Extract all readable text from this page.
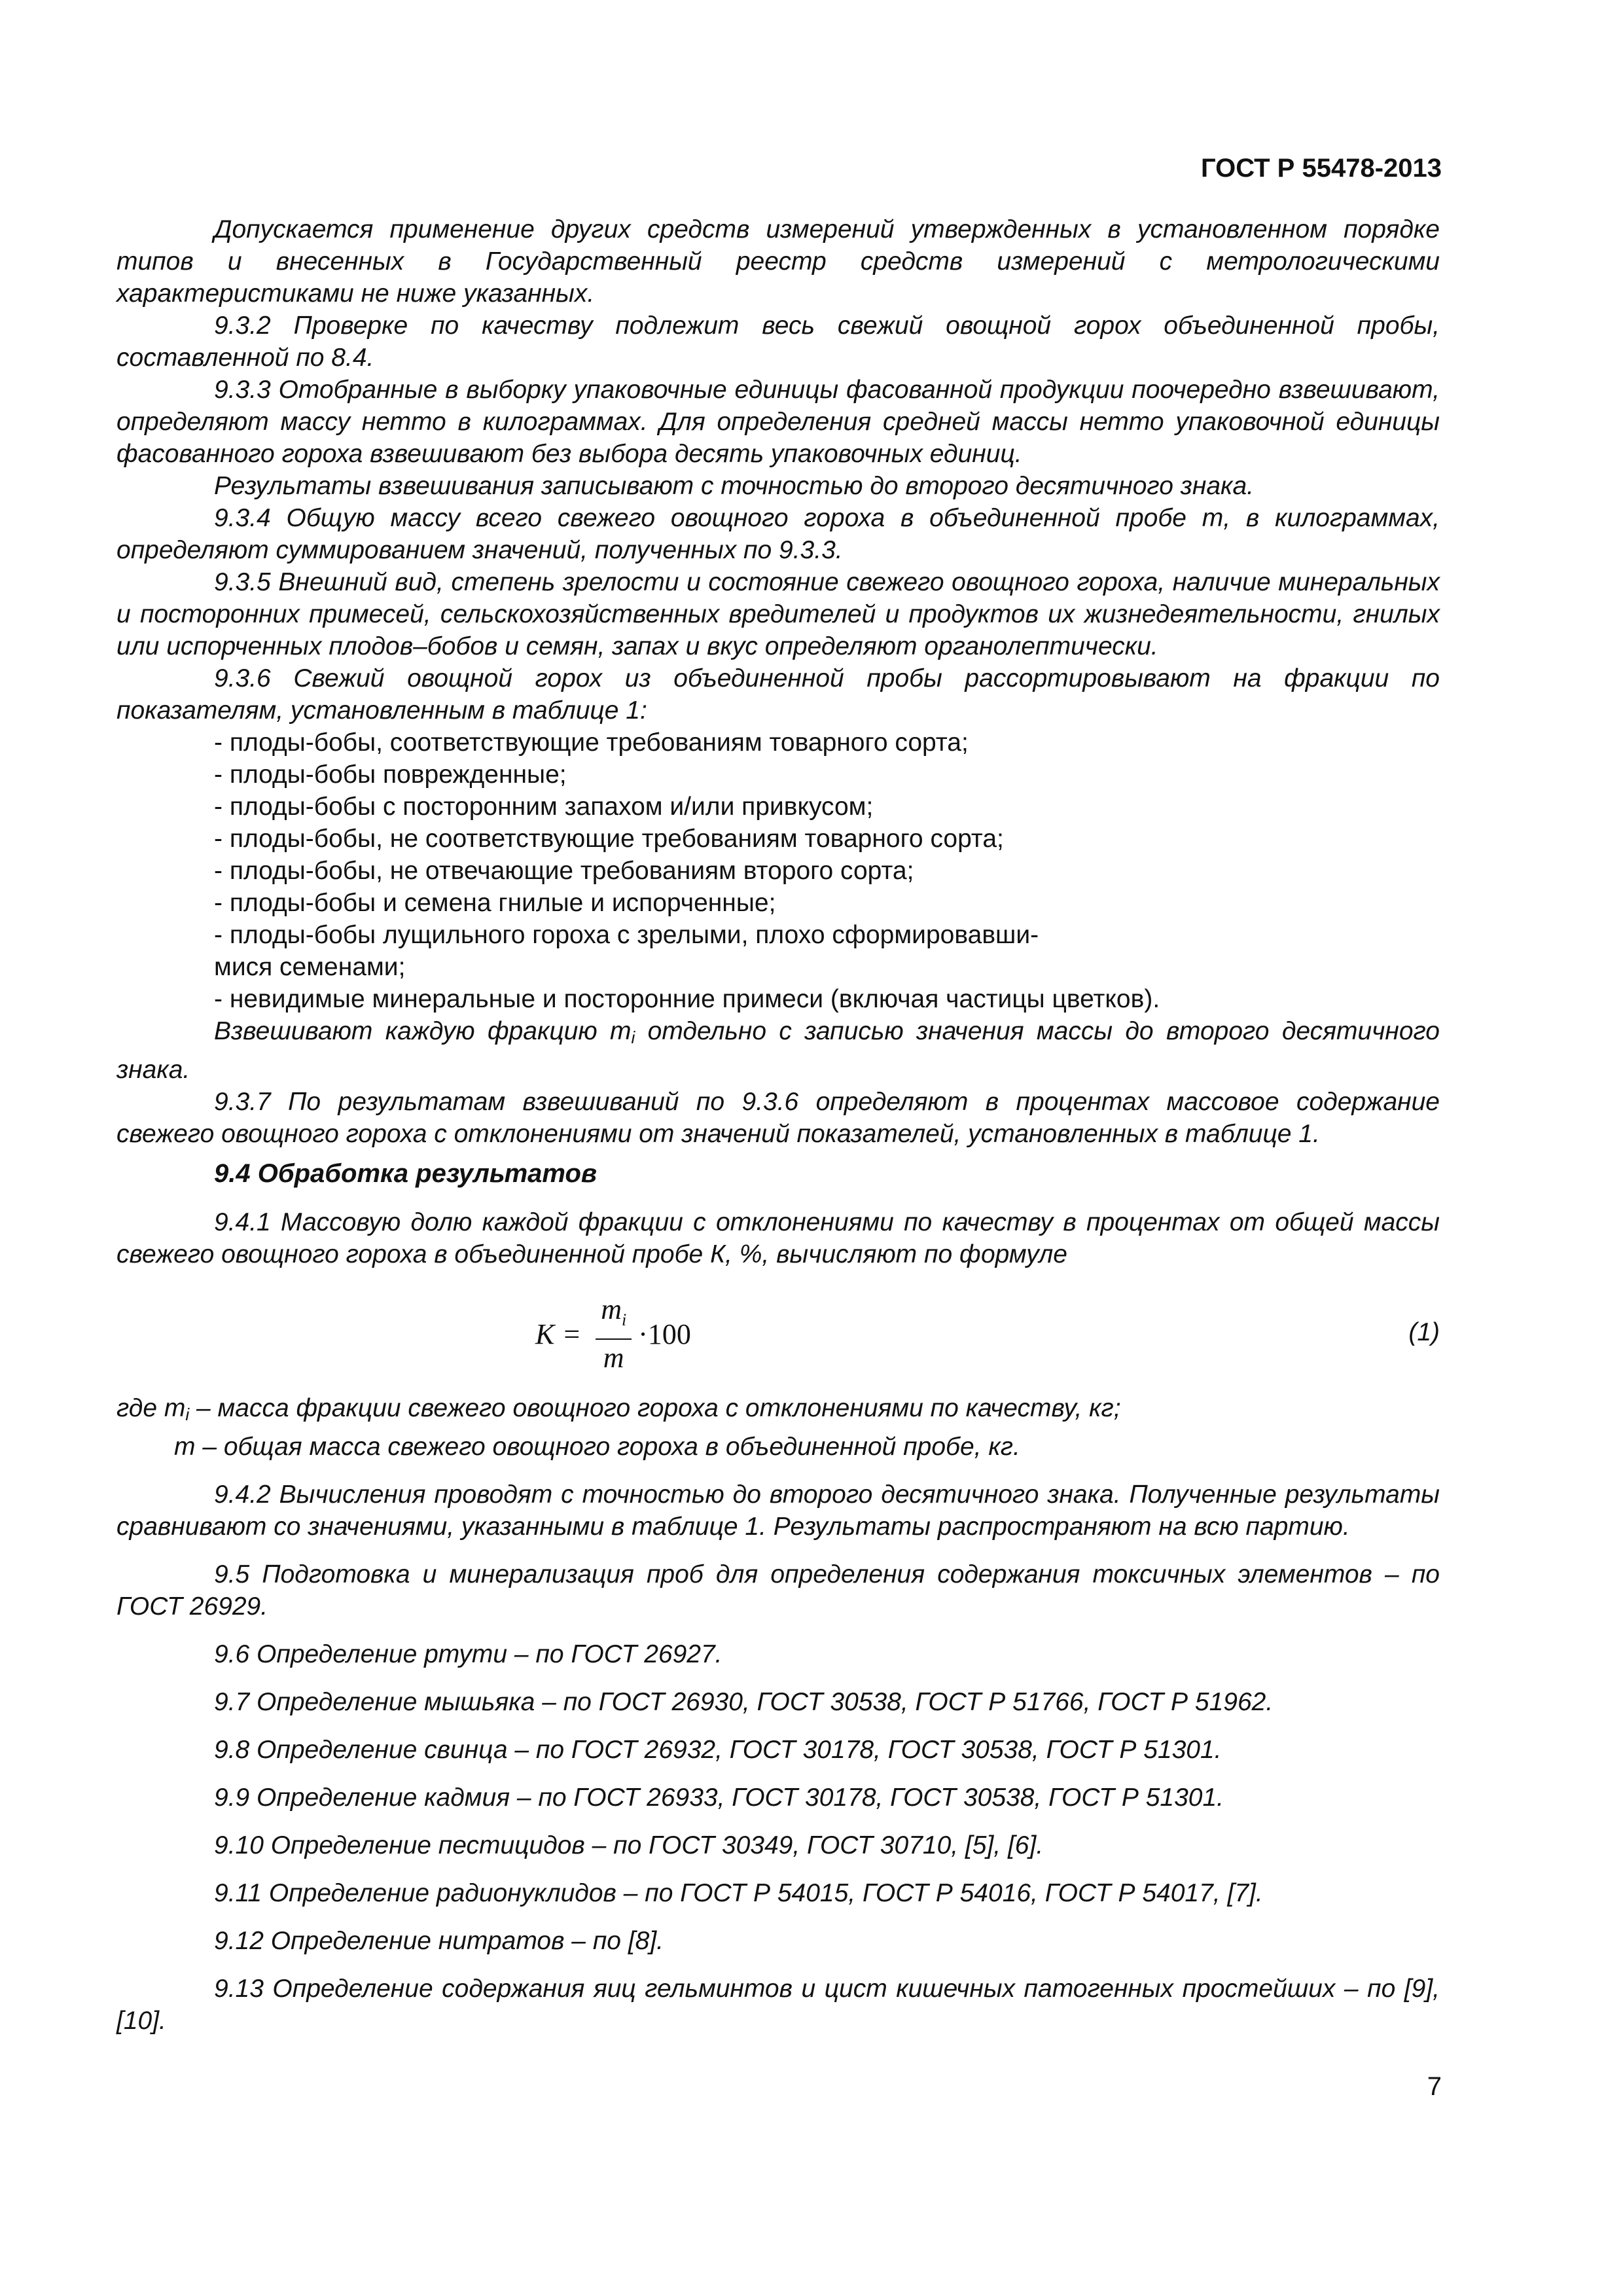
ГОСТ Р 55478-2013

Допускается применение других средств измерений утвержденных в установленном порядке типов и внесенных в Государственный реестр средств измерений с метрологическими характеристиками не ниже указанных.

9.3.2 Проверке по качеству подлежит весь свежий овощной горох объединенной пробы, составленной по 8.4.

9.3.3 Отобранные в выборку упаковочные единицы фасованной продукции поочередно взвешивают, определяют массу нетто в килограммах. Для определения средней массы нетто упаковочной единицы фасованного гороха взвешивают без выбора десять упаковочных единиц.

Результаты взвешивания записывают с точностью до второго десятичного знака.

9.3.4 Общую массу всего свежего овощного гороха в объединенной пробе m, в килограммах, определяют суммированием значений, полученных по 9.3.3.

9.3.5 Внешний вид, степень зрелости и состояние свежего овощного гороха, наличие минеральных и посторонних примесей, сельскохозяйственных вредителей и продуктов их жизнедеятельности, гнилых или испорченных плодов–бобов и семян, запах и вкус определяют органолептически.

9.3.6 Свежий овощной горох из объединенной пробы рассортировывают на фракции по показателям, установленным в таблице 1:

- плоды-бобы, соответствующие требованиям товарного сорта;

- плоды-бобы поврежденные;

- плоды-бобы с посторонним запахом и/или привкусом;

- плоды-бобы, не соответствующие требованиям товарного сорта;

- плоды-бобы, не отвечающие требованиям второго сорта;

- плоды-бобы и семена гнилые и испорченные;

- плоды-бобы лущильного гороха с зрелыми, плохо сформировавши-
мися семенами;

- невидимые минеральные и посторонние примеси (включая частицы цветков).

Взвешивают каждую фракцию mi отдельно с записью значения массы до второго десятичного знака.

9.3.7 По результатам взвешиваний по 9.3.6 определяют в процентах массовое содержание свежего овощного гороха с отклонениями от значений показателей, установленных в таблице 1.

9.4 Обработка результатов

9.4.1 Массовую долю каждой фракции с отклонениями по качеству в процентах от общей массы свежего овощного гороха в объединенной пробе К, %, вычисляют по формуле

$K = \frac{m_i}{m} \cdot 100$	(1)

где mi – масса фракции свежего овощного гороха с отклонениями по качеству, кг;
m – общая масса свежего овощного гороха в объединенной пробе, кг.

9.4.2 Вычисления проводят с точностью до второго десятичного знака. Полученные результаты сравнивают со значениями, указанными в таблице 1. Результаты распространяют на всю партию.

9.5 Подготовка и минерализация проб для определения содержания токсичных элементов – по ГОСТ 26929.

9.6 Определение ртути – по ГОСТ 26927.

9.7 Определение мышьяка – по ГОСТ 26930, ГОСТ 30538, ГОСТ Р 51766, ГОСТ Р 51962.

9.8 Определение свинца – по ГОСТ 26932, ГОСТ 30178, ГОСТ 30538, ГОСТ Р 51301.

9.9 Определение кадмия – по ГОСТ 26933, ГОСТ 30178, ГОСТ 30538, ГОСТ Р 51301.

9.10 Определение пестицидов – по ГОСТ 30349, ГОСТ 30710, [5], [6].

9.11 Определение радионуклидов – по ГОСТ Р 54015, ГОСТ Р 54016, ГОСТ Р 54017, [7].

9.12 Определение нитратов – по [8].

9.13 Определение содержания яиц гельминтов и цист кишечных патогенных простейших – по [9], [10].

7
